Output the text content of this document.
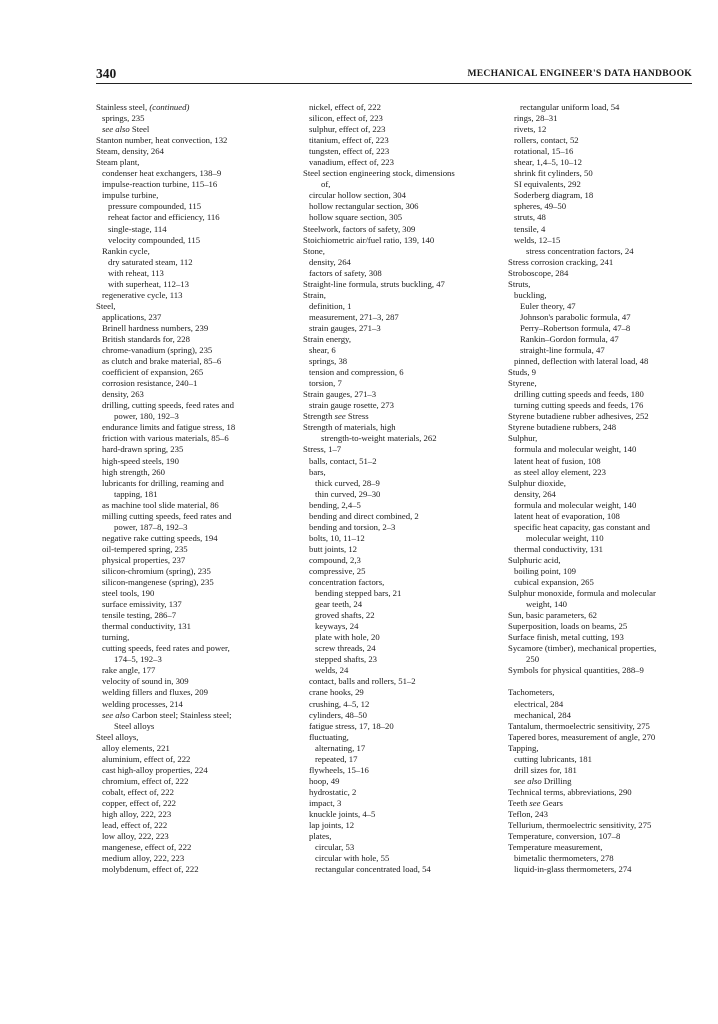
340	MECHANICAL ENGINEER'S DATA HANDBOOK
Stainless steel, (continued)
springs, 235
see also Steel
Stanton number, heat convection, 132
Steam, density, 264
Steam plant,
condenser heat exchangers, 138–9
impulse-reaction turbine, 115–16
impulse turbine,
pressure compounded, 115
reheat factor and efficiency, 116
single-stage, 114
velocity compounded, 115
Rankin cycle,
dry saturated steam, 112
with reheat, 113
with superheat, 112–13
regenerative cycle, 113
Steel,
applications, 237
Brinell hardness numbers, 239
British standards for, 228
chrome-vanadium (spring), 235
as clutch and brake material, 85–6
coefficient of expansion, 265
corrosion resistance, 240–1
density, 263
drilling, cutting speeds, feed rates and
power, 180, 192–3
endurance limits and fatigue stress, 18
friction with various materials, 85–6
hard-drawn spring, 235
high-speed steels, 190
high strength, 260
lubricants for drilling, reaming and
tapping, 181
as machine tool slide material, 86
milling cutting speeds, feed rates and
power, 187–8, 192–3
negative rake cutting speeds, 194
oil-tempered spring, 235
physical properties, 237
silicon-chromium (spring), 235
silicon-mangenese (spring), 235
steel tools, 190
surface emissivity, 137
tensile testing, 286–7
thermal conductivity, 131
turning,
cutting speeds, feed rates and power,
174–5, 192–3
rake angle, 177
velocity of sound in, 309
welding fillers and fluxes, 209
welding processes, 214
see also Carbon steel; Stainless steel;
Steel alloys
Steel alloys,
alloy elements, 221
aluminium, effect of, 222
cast high-alloy properties, 224
chromium, effect of, 222
cobalt, effect of, 222
copper, effect of, 222
high alloy, 222, 223
lead, effect of, 222
low alloy, 222, 223
mangenese, effect of, 222
medium alloy, 222, 223
molybdenum, effect of, 222
nickel, effect of, 222
silicon, effect of, 223
sulphur, effect of, 223
titanium, effect of, 223
tungsten, effect of, 223
vanadium, effect of, 223
Steel section engineering stock, dimensions
of,
circular hollow section, 304
hollow rectangular section, 306
hollow square section, 305
Steelwork, factors of safety, 309
Stoichiometric air/fuel ratio, 139, 140
Stone,
density, 264
factors of safety, 308
Straight-line formula, struts buckling, 47
Strain,
definition, 1
measurement, 271–3, 287
strain gauges, 271–3
Strain energy,
shear, 6
springs, 38
tension and compression, 6
torsion, 7
Strain gauges, 271–3
strain gauge rosette, 273
Strength see Stress
Strength of materials, high
strength-to-weight materials, 262
Stress, 1–7
balls, contact, 51–2
bars,
thick curved, 28–9
thin curved, 29–30
bending, 2,4–5
bending and direct combined, 2
bending and torsion, 2–3
bolts, 10, 11–12
butt joints, 12
compound, 2,3
compressive, 25
concentration factors,
bending stepped bars, 21
gear teeth, 24
groved shafts, 22
keyways, 24
plate with hole, 20
screw threads, 24
stepped shafts, 23
welds, 24
contact, balls and rollers, 51–2
crane hooks, 29
crushing, 4–5, 12
cylinders, 48–50
fatigue stress, 17, 18–20
fluctuating,
alternating, 17
repeated, 17
flywheels, 15–16
hoop, 49
hydrostatic, 2
impact, 3
knuckle joints, 4–5
lap joints, 12
plates,
circular, 53
circular with hole, 55
rectangular concentrated load, 54
rectangular uniform load, 54
rings, 28–31
rivets, 12
rollers, contact, 52
rotational, 15–16
shear, 1,4–5, 10–12
shrink fit cylinders, 50
SI equivalents, 292
Soderberg diagram, 18
spheres, 49–50
struts, 48
tensile, 4
welds, 12–15
stress concentration factors, 24
Stress corrosion cracking, 241
Stroboscope, 284
Struts,
buckling,
Euler theory, 47
Johnson's parabolic formula, 47
Perry–Robertson formula, 47–8
Rankin–Gordon formula, 47
straight-line formula, 47
pinned, deflection with lateral load, 48
Studs, 9
Styrene,
drilling cutting speeds and feeds, 180
turning cutting speeds and feeds, 176
Styrene butadiene rubber adhesives, 252
Styrene butadiene rubbers, 248
Sulphur,
formula and molecular weight, 140
latent heat of fusion, 108
as steel alloy element, 223
Sulphur dioxide,
density, 264
formula and molecular weight, 140
latent heat of evaporation, 108
specific heat capacity, gas constant and
molecular weight, 110
thermal conductivity, 131
Sulphuric acid,
boiling point, 109
cubical expansion, 265
Sulphur monoxide, formula and molecular
weight, 140
Sun, basic parameters, 62
Superposition, loads on beams, 25
Surface finish, metal cutting, 193
Sycamore (timber), mechanical properties,
250
Symbols for physical quantities, 288–9
Tachometers,
electrical, 284
mechanical, 284
Tantalum, thermoelectric sensitivity, 275
Tapered bores, measurement of angle, 270
Tapping,
cutting lubricants, 181
drill sizes for, 181
see also Drilling
Technical terms, abbreviations, 290
Teeth see Gears
Teflon, 243
Tellurium, thermoelectric sensitivity, 275
Temperature, conversion, 107–8
Temperature measurement,
bimetalic thermometers, 278
liquid-in-glass thermometers, 274
